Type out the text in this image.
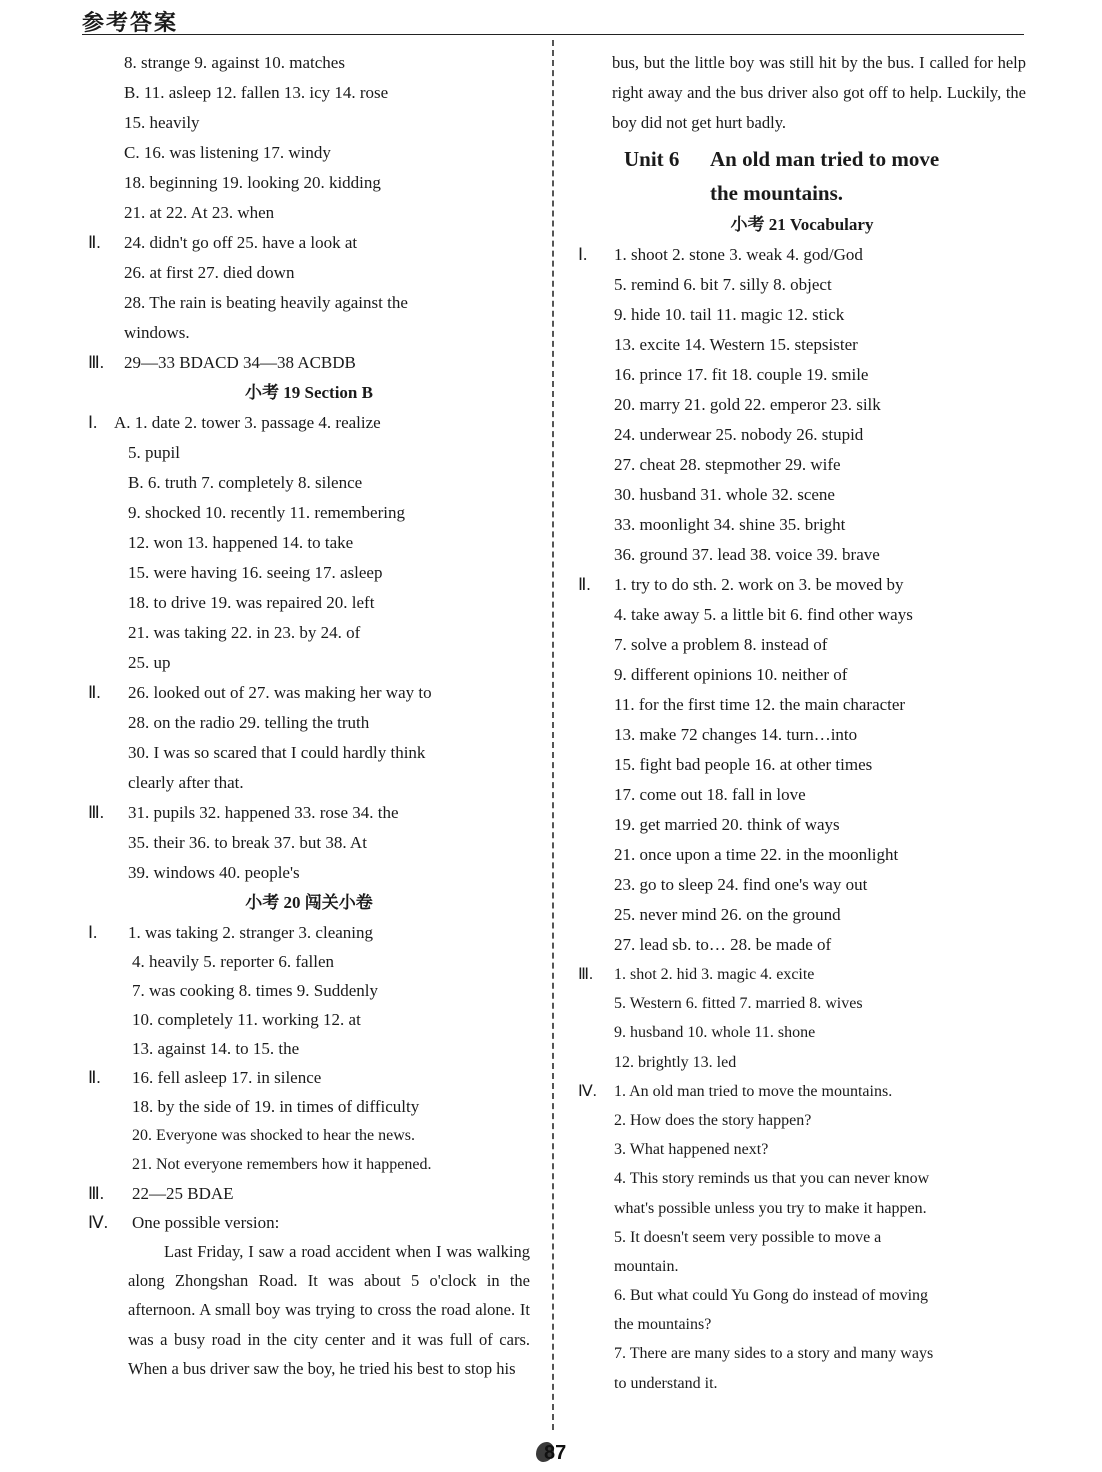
参考答案
8. strange 9. against 10. matches
B. 11. asleep 12. fallen 13. icy 14. rose
15. heavily
C. 16. was listening 17. windy
18. beginning 19. looking 20. kidding
21. at 22. At 23. when
Ⅱ. 24. didn't go off 25. have a look at
26. at first 27. died down
28. The rain is beating heavily against the
windows.
Ⅲ. 29—33 BDACD 34—38 ACBDB
小考 19 Section B
Ⅰ. A. 1. date 2. tower 3. passage 4. realize
5. pupil
B. 6. truth 7. completely 8. silence
9. shocked 10. recently 11. remembering
12. won 13. happened 14. to take
15. were having 16. seeing 17. asleep
18. to drive 19. was repaired 20. left
21. was taking 22. in 23. by 24. of
25. up
Ⅱ. 26. looked out of 27. was making her way to
28. on the radio 29. telling the truth
30. I was so scared that I could hardly think
clearly after that.
Ⅲ. 31. pupils 32. happened 33. rose 34. the
35. their 36. to break 37. but 38. At
39. windows 40. people's
小考 20 闯关小卷
Ⅰ. 1. was taking 2. stranger 3. cleaning
4. heavily 5. reporter 6. fallen
7. was cooking 8. times 9. Suddenly
10. completely 11. working 12. at
13. against 14. to 15. the
Ⅱ. 16. fell asleep 17. in silence
18. by the side of 19. in times of difficulty
20. Everyone was shocked to hear the news.
21. Not everyone remembers how it happened.
Ⅲ. 22—25 BDAE
Ⅳ. One possible version:

Last Friday, I saw a road accident when I was walking along Zhongshan Road. It was about 5 o'clock in the afternoon. A small boy was trying to cross the road alone. It was a busy road in the city center and it was full of cars. When a bus driver saw the boy, he tried his best to stop his

bus, but the little boy was still hit by the bus. I called for help right away and the bus driver also got off to help. Luckily, the boy did not get hurt badly.

Unit 6 An old man tried to move
the mountains.
小考 21 Vocabulary
Ⅰ. 1. shoot 2. stone 3. weak 4. god/God
5. remind 6. bit 7. silly 8. object
9. hide 10. tail 11. magic 12. stick
13. excite 14. Western 15. stepsister
16. prince 17. fit 18. couple 19. smile
20. marry 21. gold 22. emperor 23. silk
24. underwear 25. nobody 26. stupid
27. cheat 28. stepmother 29. wife
30. husband 31. whole 32. scene
33. moonlight 34. shine 35. bright
36. ground 37. lead 38. voice 39. brave
Ⅱ. 1. try to do sth. 2. work on 3. be moved by
4. take away 5. a little bit 6. find other ways
7. solve a problem 8. instead of
9. different opinions 10. neither of
11. for the first time 12. the main character
13. make 72 changes 14. turn…into
15. fight bad people 16. at other times
17. come out 18. fall in love
19. get married 20. think of ways
21. once upon a time 22. in the moonlight
23. go to sleep 24. find one's way out
25. never mind 26. on the ground
27. lead sb. to… 28. be made of
Ⅲ. 1. shot 2. hid 3. magic 4. excite
5. Western 6. fitted 7. married 8. wives
9. husband 10. whole 11. shone
12. brightly 13. led
Ⅳ. 1. An old man tried to move the mountains.
2. How does the story happen?
3. What happened next?
4. This story reminds us that you can never know
what's possible unless you try to make it happen.
5. It doesn't seem very possible to move a
mountain.
6. But what could Yu Gong do instead of moving
the mountains?
7. There are many sides to a story and many ways
to understand it.
87
